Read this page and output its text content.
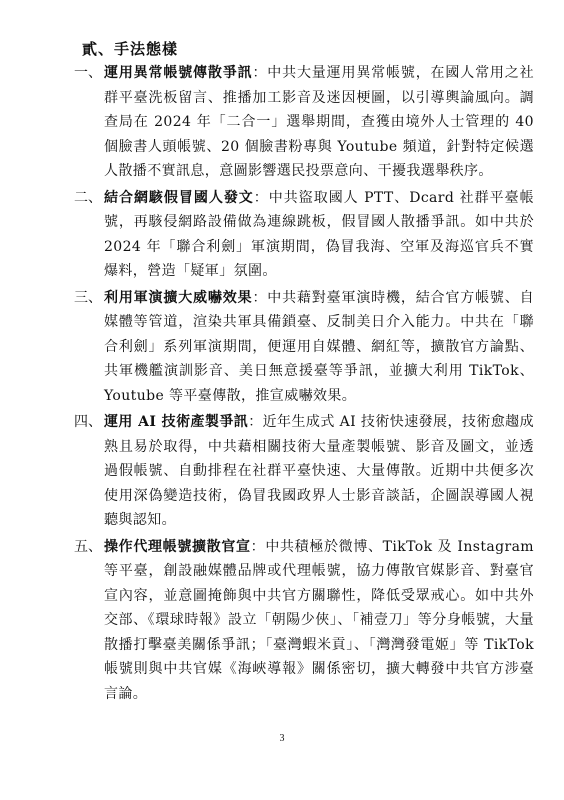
貳、手法態樣
一、 運用異常帳號傳散爭訊：中共大量運用異常帳號，在國人常用之社群平臺洗板留言、推播加工影音及迷因梗圖，以引導輿論風向。調查局在 2024 年「二合一」選舉期間，查獲由境外人士管理的 40 個臉書人頭帳號、20 個臉書粉專與 Youtube 頻道，針對特定候選人散播不實訊息，意圖影響選民投票意向、干擾我選舉秩序。
二、 結合網駭假冒國人發文：中共盜取國人 PTT、Dcard 社群平臺帳號，再駭侵網路設備做為連線跳板，假冒國人散播爭訊。如中共於 2024 年「聯合利劍」軍演期間，偽冒我海、空軍及海巡官兵不實爆料，營造「疑軍」氛圍。
三、 利用軍演擴大威嚇效果：中共藉對臺軍演時機，結合官方帳號、自媒體等管道，渲染共軍具備鎖臺、反制美日介入能力。中共在「聯合利劍」系列軍演期間，便運用自媒體、網紅等，擴散官方論點、共軍機艦演訓影音、美日無意援臺等爭訊，並擴大利用 TikTok、Youtube 等平臺傳散，推宣威嚇效果。
四、 運用 AI 技術產製爭訊：近年生成式 AI 技術快速發展，技術愈趨成熟且易於取得，中共藉相關技術大量產製帳號、影音及圖文，並透過假帳號、自動排程在社群平臺快速、大量傳散。近期中共便多次使用深偽變造技術，偽冒我國政界人士影音談話，企圖誤導國人視聽與認知。
五、 操作代理帳號擴散官宣：中共積極於微博、TikTok 及 Instagram 等平臺，創設融媒體品牌或代理帳號，協力傳散官媒影音、對臺官宣內容，並意圖掩飾與中共官方關聯性，降低受眾戒心。如中共外交部、《環球時報》設立「朝陽少俠」、「補壹刀」等分身帳號，大量散播打擊臺美關係爭訊；「臺灣蝦米貢」、「灣灣發電姬」等 TikTok 帳號則與中共官媒《海峽導報》關係密切，擴大轉發中共官方涉臺言論。
3
